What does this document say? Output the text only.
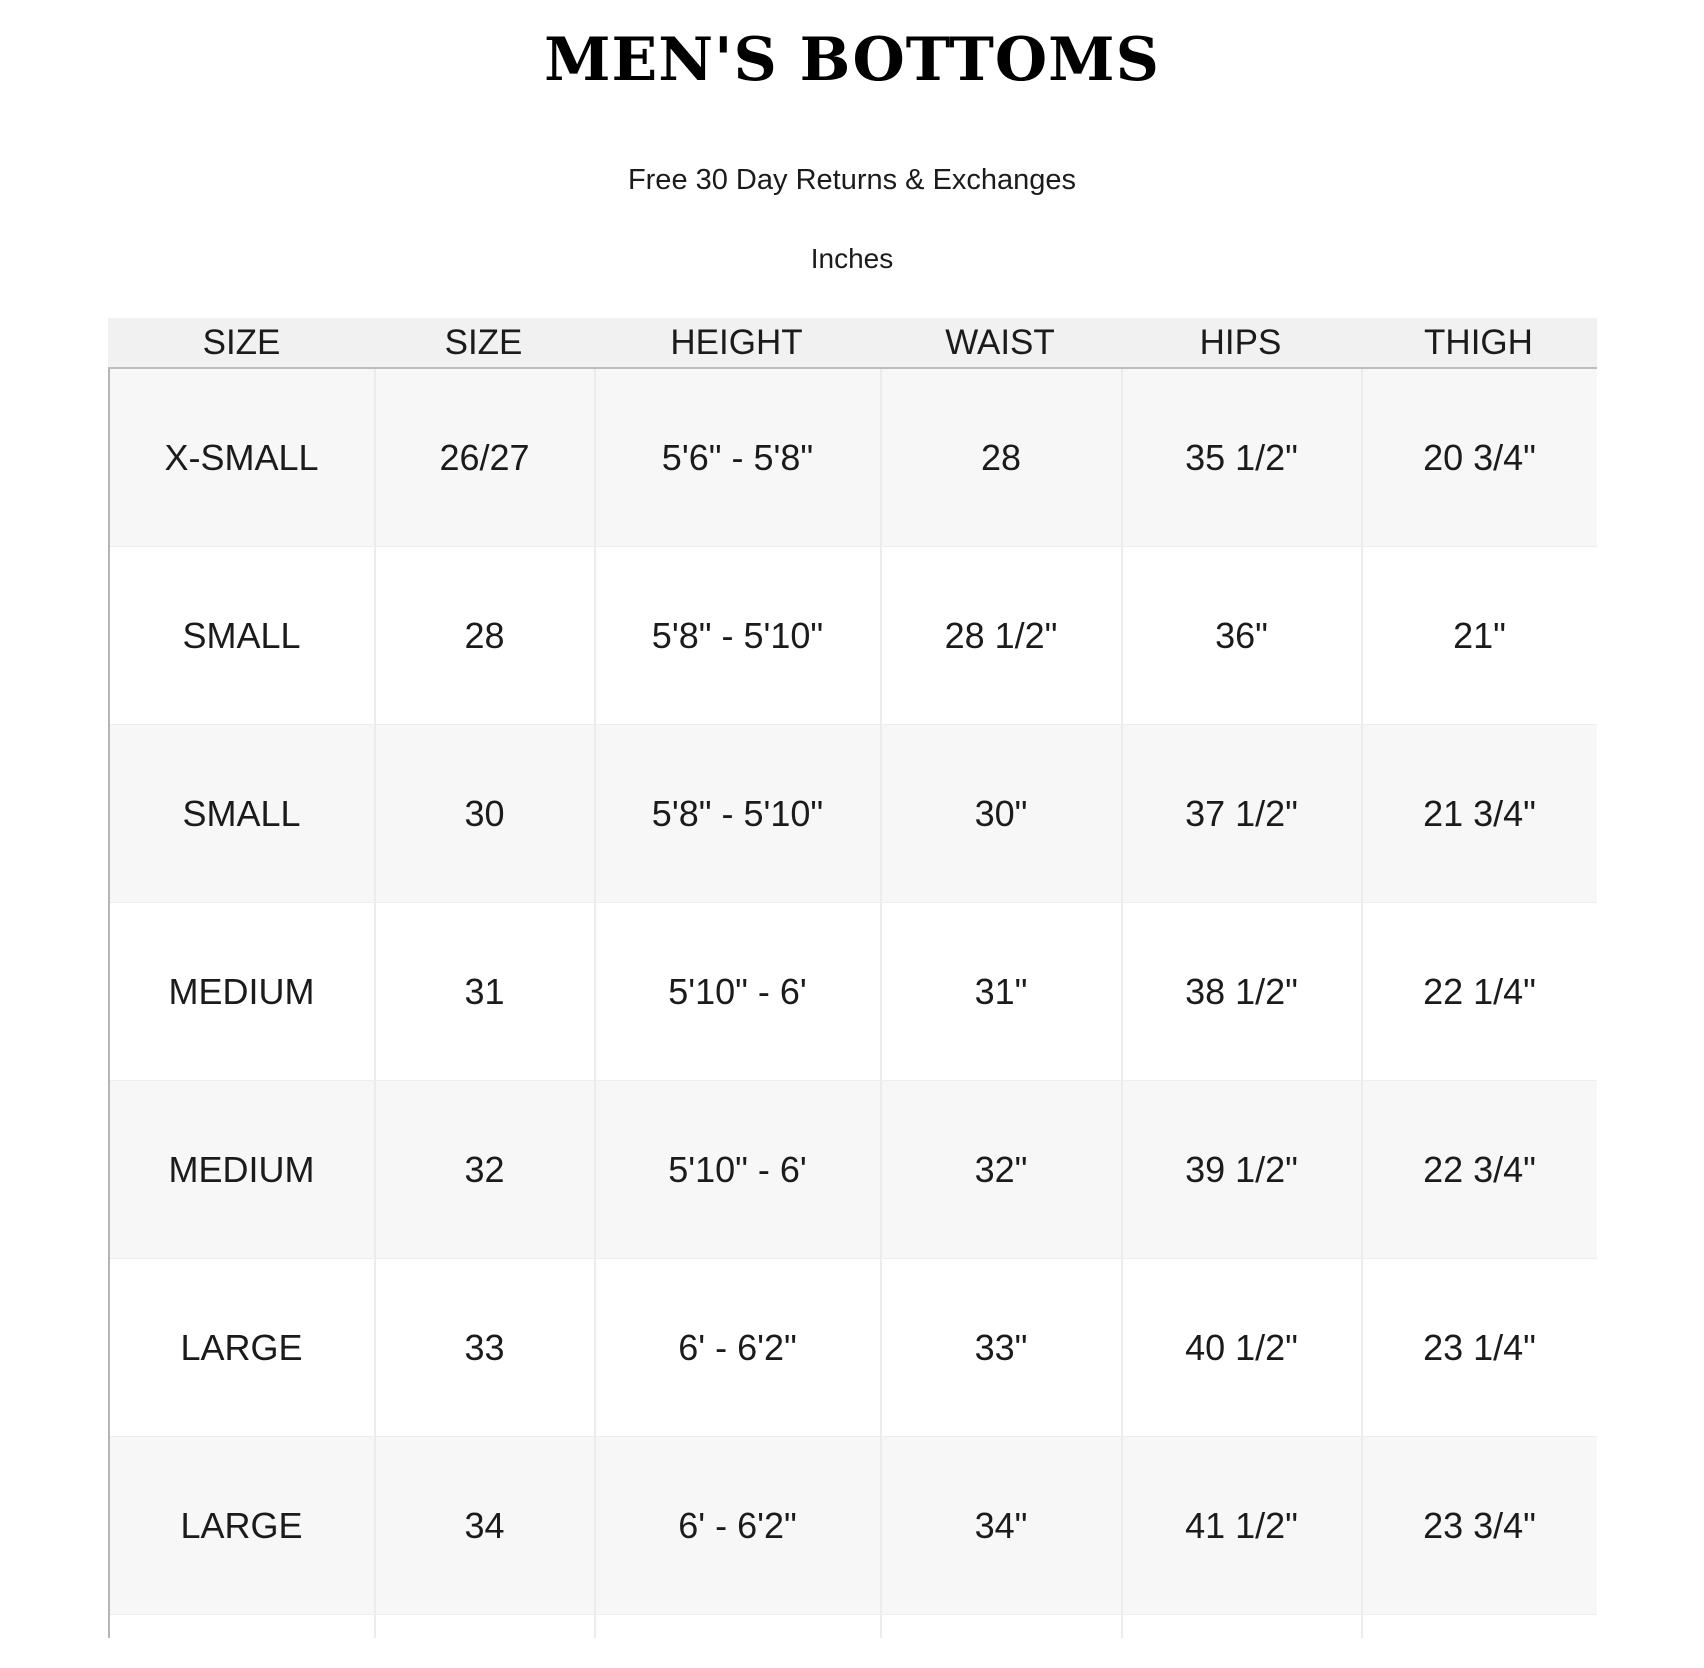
MEN'S BOTTOMS
Free 30 Day Returns & Exchanges
Inches
SIZE	SIZE	HEIGHT	WAIST	HIPS	THIGH
X-SMALL	26/27	5'6" - 5'8"	28	35 1/2"	20 3/4"
SMALL	28	5'8" - 5'10"	28 1/2"	36"	21"
SMALL	30	5'8" - 5'10"	30"	37 1/2"	21 3/4"
MEDIUM	31	5'10" - 6'	31"	38 1/2"	22 1/4"
MEDIUM	32	5'10" - 6'	32"	39 1/2"	22 3/4"
LARGE	33	6' - 6'2"	33"	40 1/2"	23 1/4"
LARGE	34	6' - 6'2"	34"	41 1/2"	23 3/4"
